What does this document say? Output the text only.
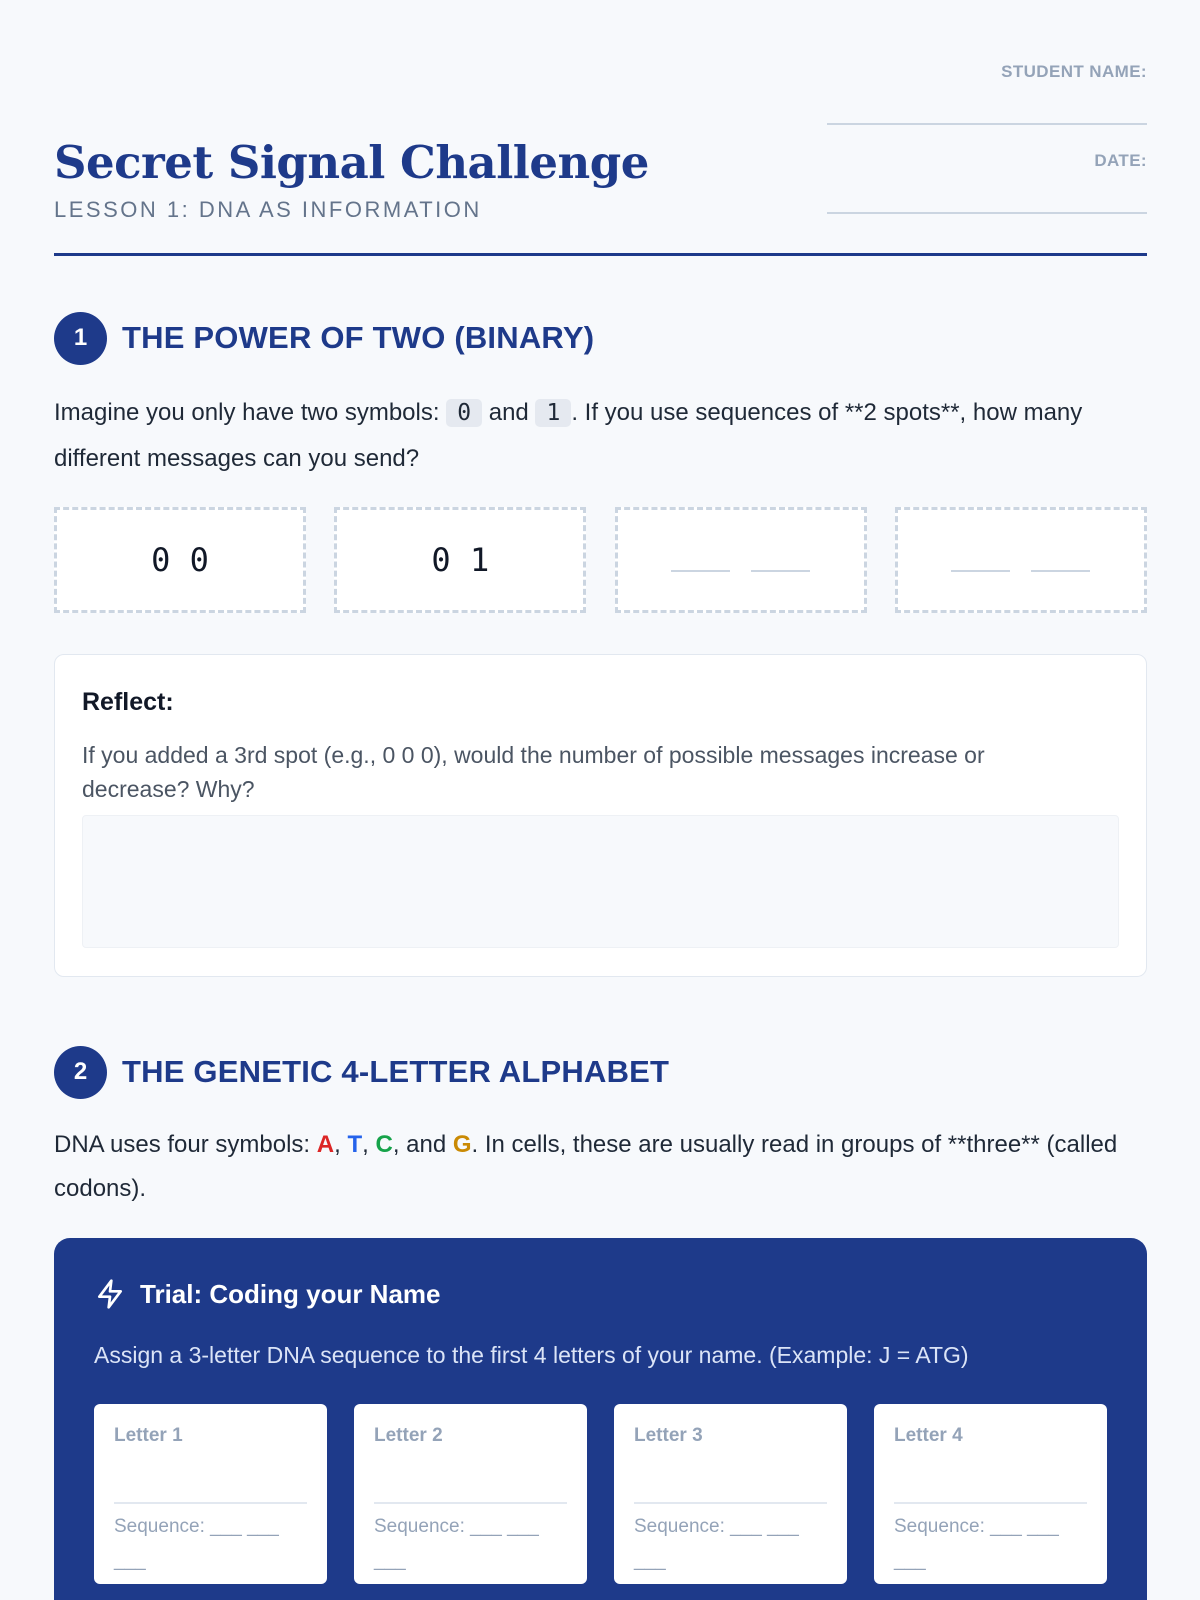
Secret Signal Challenge
LESSON 1: DNA AS INFORMATION
STUDENT NAME:
DATE:
1	THE POWER OF TWO (BINARY)

Imagine you only have two symbols: 0 and 1 . If you use sequences of **2 spots**, how many different messages can you send?

0 0	0 1
Reflect:
If you added a 3rd spot (e.g., 0 0 0), would the number of possible messages increase or decrease? Why?
2	THE GENETIC 4-LETTER ALPHABET

DNA uses four symbols: A, T, C, and G. In cells, these are usually read in groups of **three** (called codons).

Trial: Coding your Name
Assign a 3-letter DNA sequence to the first 4 letters of your name. (Example: J = ATG)
Letter 1
Sequence: ___ ___ ___
Letter 2
Sequence: ___ ___ ___
Letter 3
Sequence: ___ ___ ___
Letter 4
Sequence: ___ ___ ___
